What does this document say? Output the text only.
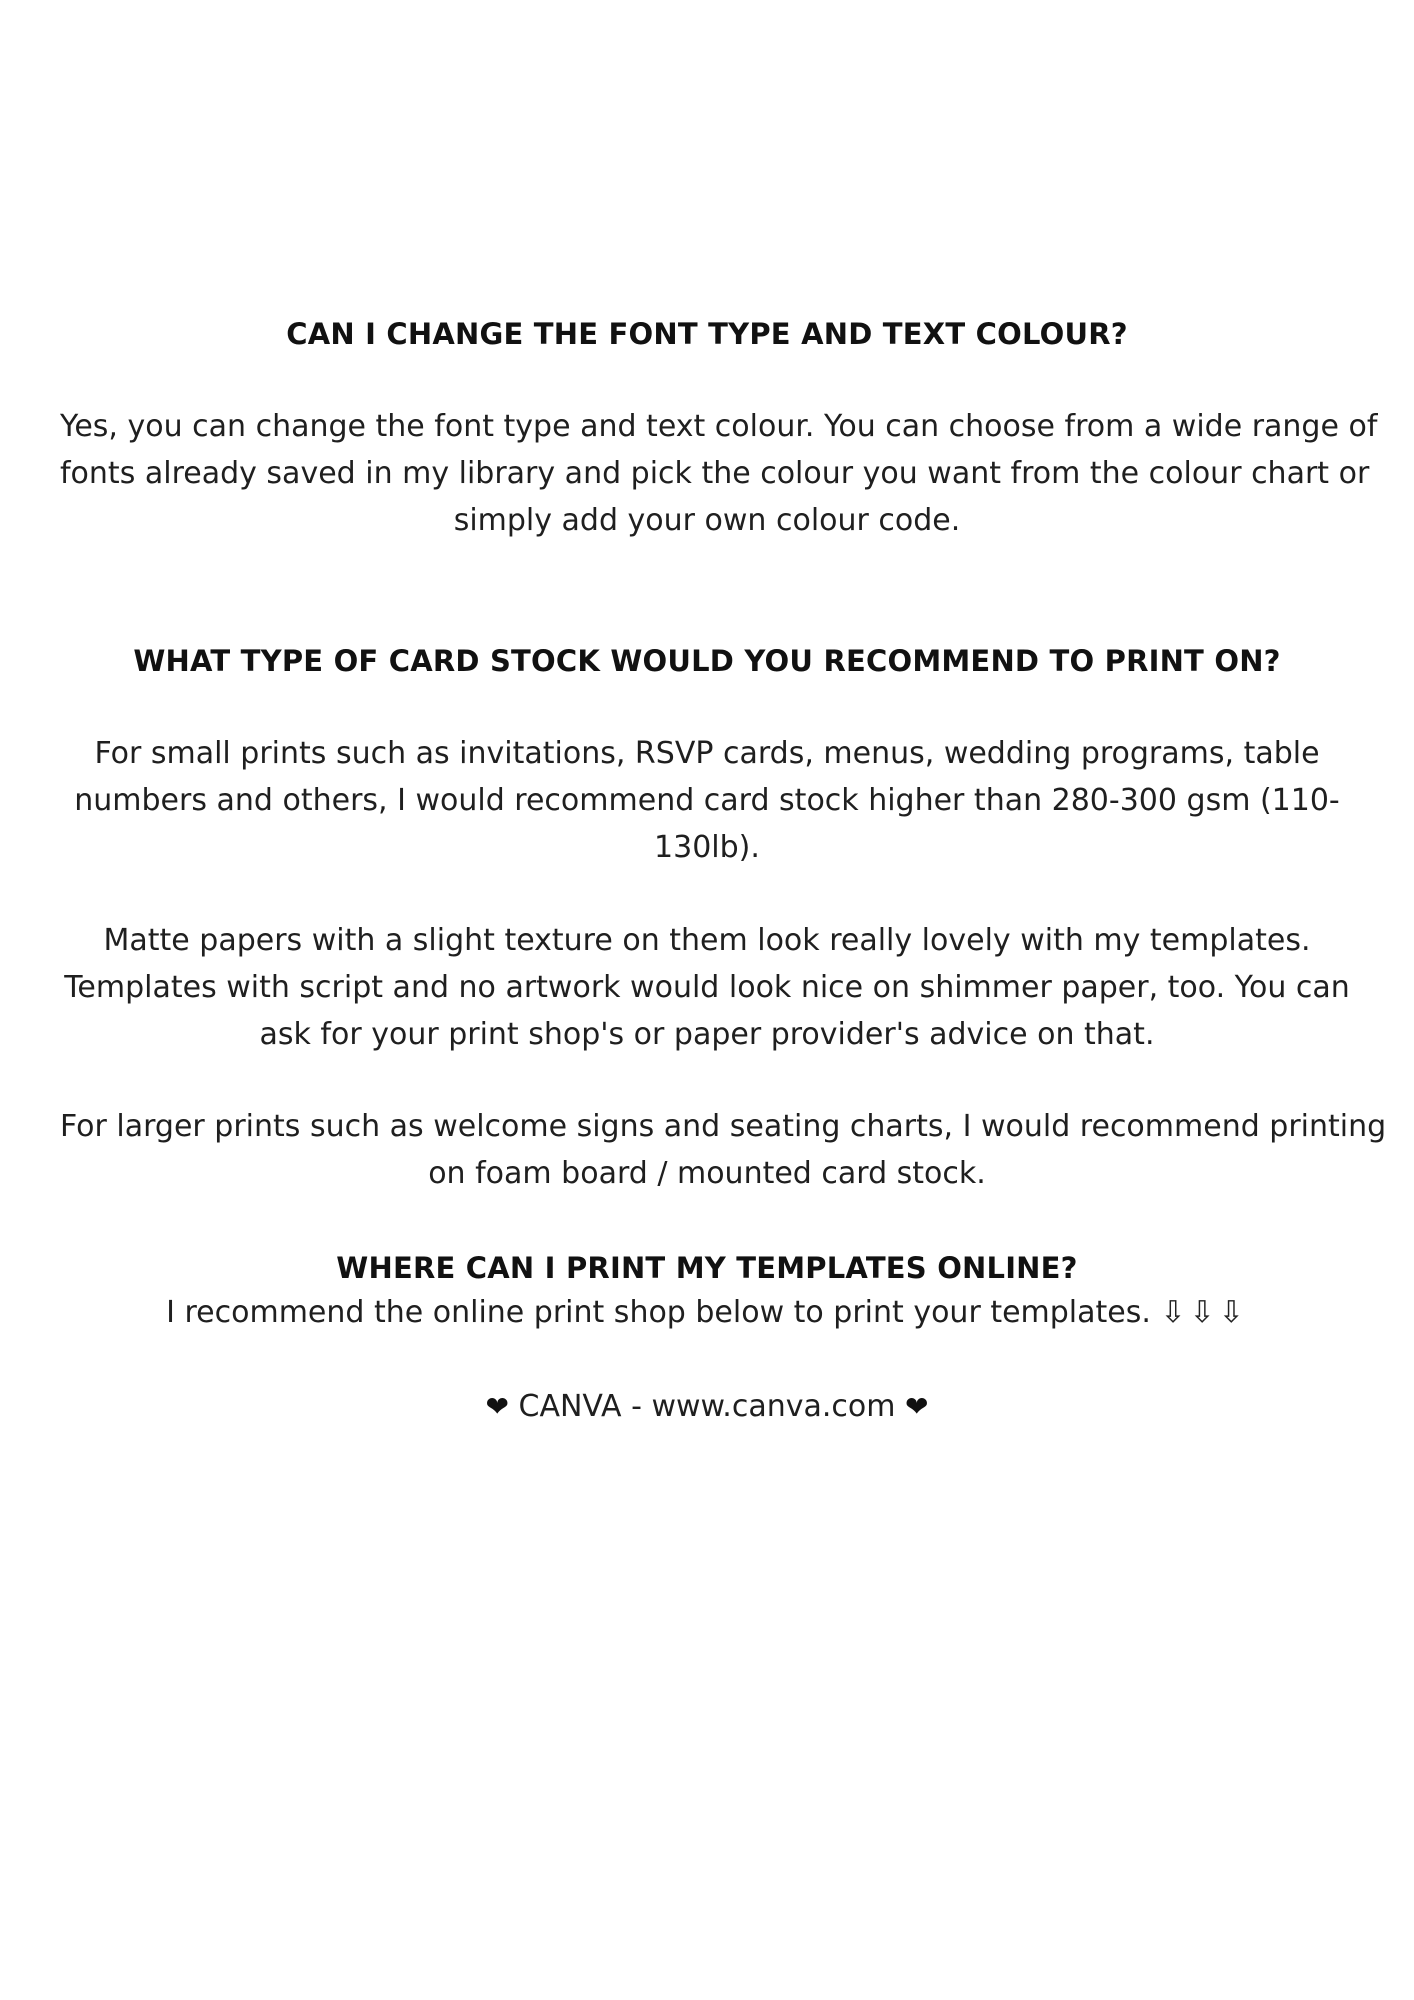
CAN I CHANGE THE FONT TYPE AND TEXT COLOUR?

Yes, you can change the font type and text colour. You can choose from a wide range of
fonts already saved in my library and pick the colour you want from the colour chart or
simply add your own colour code.

WHAT TYPE OF CARD STOCK WOULD YOU RECOMMEND TO PRINT ON?

For small prints such as invitations, RSVP cards, menus, wedding programs, table
numbers and others, I would recommend card stock higher than 280-300 gsm (110-
130lb).

Matte papers with a slight texture on them look really lovely with my templates.
Templates with script and no artwork would look nice on shimmer paper, too. You can
ask for your print shop's or paper provider's advice on that.

For larger prints such as welcome signs and seating charts, I would recommend printing
on foam board / mounted card stock.

WHERE CAN I PRINT MY TEMPLATES ONLINE?

I recommend the online print shop below to print your templates. ⇩⇩⇩

❤ CANVA - www.canva.com ❤
